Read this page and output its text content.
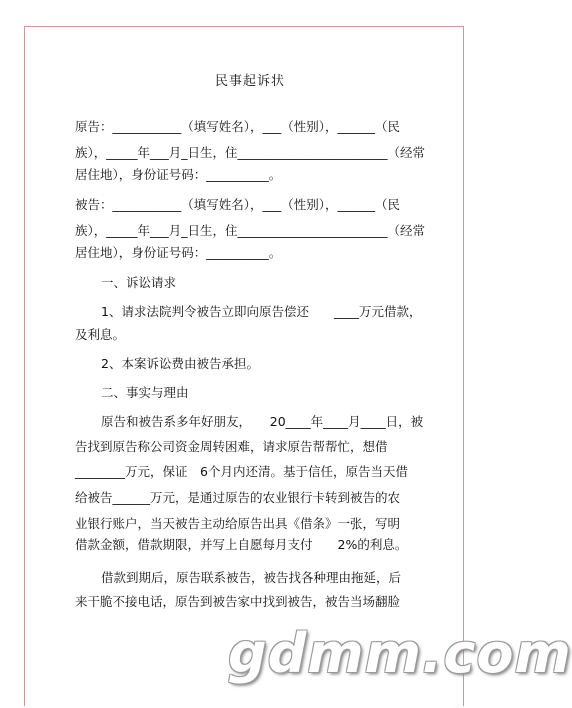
民事起诉状
原告：___________（填写姓名），___（性别），______（民
族），_____年___月_日生，住________________________（经常
居住地），身份证号码：__________。
被告：___________（填写姓名），___（性别），______（民
族），_____年___月_日生，住________________________（经常
居住地），身份证号码：__________。
一、诉讼请求
1、请求法院判令被告立即向原告偿还　　____万元借款，
及利息。
2、本案诉讼费由被告承担。
二、事实与理由
原告和被告系多年好朋友，　　20____年____月____日，被
告找到原告称公司资金周转困难，请求原告帮帮忙，想借
________万元，保证　6个月内还清。基于信任，原告当天借
给被告______万元，是通过原告的农业银行卡转到被告的农
业银行账户，当天被告主动给原告出具《借条》一张，写明
借款金额，借款期限，并写上自愿每月支付　　2%的利息。
借款到期后，原告联系被告，被告找各种理由拖延，后
来干脆不接电话，原告到被告家中找到被告，被告当场翻脸
gdmm.com
